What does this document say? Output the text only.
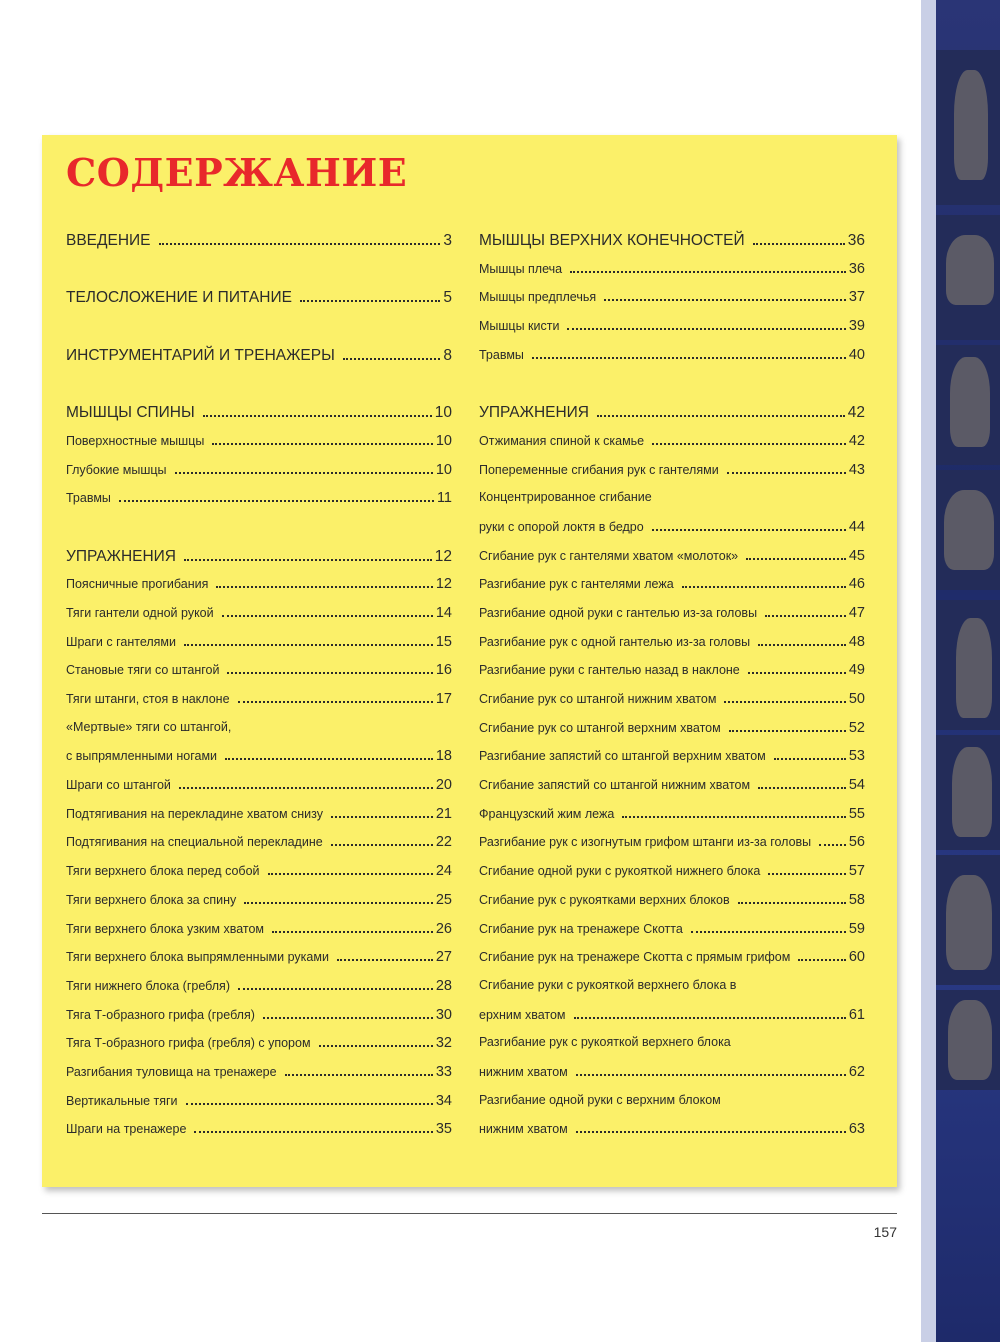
СОДЕРЖАНИЕ
ВВЕДЕНИЕ	3
ТЕЛОСЛОЖЕНИЕ И ПИТАНИЕ	5
ИНСТРУМЕНТАРИЙ И ТРЕНАЖЕРЫ	8
МЫШЦЫ СПИНЫ	10
Поверхностные мышцы	10
Глубокие мышцы	10
Травмы	11
УПРАЖНЕНИЯ	12
Поясничные прогибания	12
Тяги гантели одной рукой	14
Шраги с гантелями	15
Становые тяги со штангой	16
Тяги штанги, стоя в наклоне	17
«Мертвые» тяги со штангой,
с выпрямленными ногами	18
Шраги со штангой	20
Подтягивания на перекладине хватом снизу	21
Подтягивания на специальной перекладине	22
Тяги верхнего блока перед собой	24
Тяги верхнего блока за спину	25
Тяги верхнего блока узким хватом	26
Тяги верхнего блока выпрямленными руками	27
Тяги нижнего блока (гребля)	28
Тяга Т-образного грифа (гребля)	30
Тяга Т-образного грифа (гребля) с упором	32
Разгибания туловища на тренажере	33
Вертикальные тяги	34
Шраги на тренажере	35
МЫШЦЫ ВЕРХНИХ КОНЕЧНОСТЕЙ	36
Мышцы плеча	36
Мышцы предплечья	37
Мышцы кисти	39
Травмы	40
УПРАЖНЕНИЯ	42
Отжимания спиной к скамье	42
Попеременные сгибания рук с гантелями	43
Концентрированное сгибание
руки с опорой локтя в бедро	44
Сгибание рук с гантелями хватом «молоток»	45
Разгибание рук с гантелями лежа	46
Разгибание одной руки с гантелью из-за головы	47
Разгибание рук с одной гантелью из-за головы	48
Разгибание руки с гантелью назад в наклоне	49
Сгибание рук со штангой нижним хватом	50
Сгибание рук со штангой верхним хватом	52
Разгибание запястий со штангой верхним хватом	53
Сгибание запястий со штангой нижним хватом	54
Французский жим лежа	55
Разгибание рук с изогнутым грифом штанги из-за головы	56
Сгибание одной руки с рукояткой нижнего блока	57
Сгибание рук с рукоятками верхних блоков	58
Сгибание рук на тренажере Скотта	59
Сгибание рук на тренажере Скотта с прямым грифом	60
Сгибание руки с рукояткой верхнего блока в
ерхним хватом	61
Разгибание рук с рукояткой верхнего блока
нижним хватом	62
Разгибание одной руки с верхним блоком
нижним хватом	63
157
